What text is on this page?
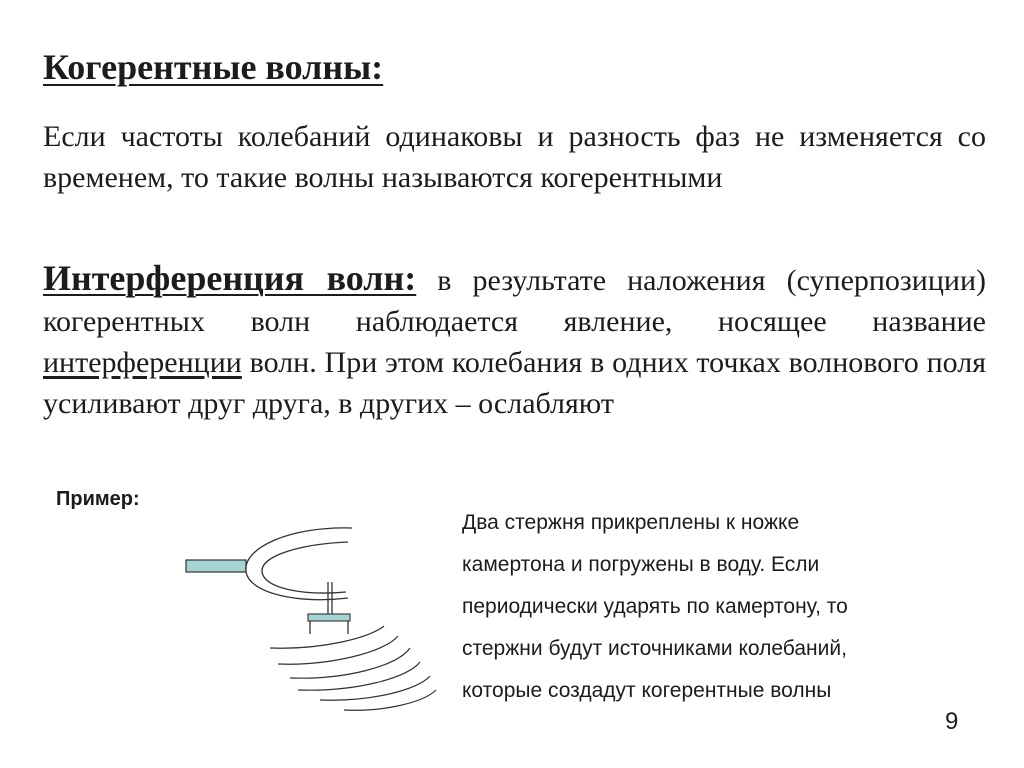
Когерентные волны:
Если частоты колебаний одинаковы и разность фаз не изменяется со временем, то такие волны называются когерентными
Интерференция волн: в результате наложения (суперпозиции) когерентных волн наблюдается явление, носящее название интерференции волн. При этом колебания в одних точках волнового поля усиливают друг друга, в других – ослабляют
Пример:
Два стержня прикреплены к ножке
камертона и погружены в воду. Если
периодически ударять по камертону, то
стержни будут источниками колебаний,
которые создадут когерентные волны
9
